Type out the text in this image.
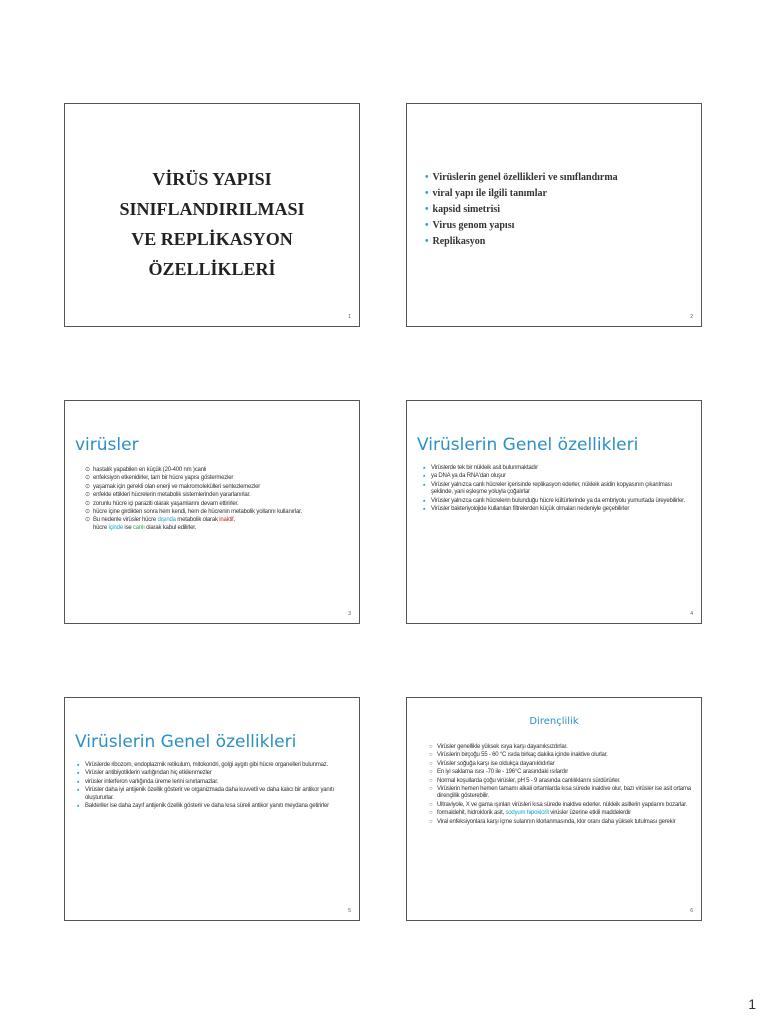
VİRÜS YAPISI
SINIFLANDIRILMASI
VE REPLİKASYON
ÖZELLİKLERİ
1
• Virüslerin genel özellikleri ve sınıflandırma
• viral yapı ile ilgili tanımlar
• kapsid simetrisi
• Virus genom yapısı
• Replikasyon
2
virüsler
⊙ hastalık yapabilen en küçük (20-400 nm )canlı
⊙ enfeksiyon etkenidirler, tam bir hücre yapısı göstermezler
⊙ yaşamak için gerekli olan enerji ve makromolekülleri sentezlemezler
⊙ enfekte ettikleri hücrelerin metabolik sistemlerinden yararlanırlar.
⊙ zorunlu hücre içi paraziti olarak yaşamlarını devam ettirirler.
⊙ hücre içine girdikten sonra hem kendi, hem de hücrenin metabolik yollarını kullanırlar.
⊙ Bu nedenle virüsler hücre dışında metabolik olarak inaktif,
hücre içinde ise canlı olarak kabul edilirler.
3
Virüslerin Genel özellikleri
▪ Virüslerde tek bir nükleik asit bulunmaktadır
▪ ya DNA ya da RNA'dan oluşur
▪ Virüsler yalnızca canlı hücreler içerisinde replikasyon ederler, nükleik asidin kopyasının çıkarılması şeklinde, yani eşleşme yoluyla çoğalırlar
▪ Virüsler yalnızca canlı hücrelerin bulunduğu hücre kültürlerinde ya da embriyolu yumurtada üreyebilirler.
▪ Virüsler bakteriyolojide kullanılan filtrelerden küçük olmaları nedeniyle geçebilirler
4
Virüslerin Genel özellikleri
▪ Virüslerde ribozom, endoplazmik retikulum, mitokondri, golgi aygıtı gibi hücre organelleri bulunmaz.
▪ Virüsler antibiyotiklerin varlığından hiç etkilenmezler
▪ virüsler interferon varlığında üreme lerini sınırlamazlar.
▪ Virüsler daha iyi antijenik özellik gösterir ve organizmada daha kuvvetli ve daha kalıcı bir antikor yanıtı oluştururlar.
▪ Bakteriler ise daha zayıf antijenik özellik gösterir ve daha kısa süreli antikor yanıtı meydana getirirler
5
Dirençlilik
○ Virüsler genellikle yüksek ısıya karşı dayanıksızdırlar.
○ Virüslerin birçoğu 55 - 60 °C ısıda birkaç dakika içinde inaktive olurlar.
○ Virüsler soğuğa karşı ise oldukça dayanıklıdırlar
○ En iyi saklama ısısı -70 ile - 196°C arasındaki ısılardır
○ Normal koşullarda çoğu virüsler, pH 5 - 9 arasında canlılıklarını sürdürürler.
○ Virüslerin hemen hemen tamamı alkali ortamlarda kısa sürede inaktive olur, bazı virüsler ise asit ortama dirençlilik gösterebilir.
○ Ultraviyole, X ve gama ışınları virüsleri kısa sürede inaktive ederler. nükleik asitlerin yapılarını bozarlar.
○ formaldehit, hidroklorik asit, sodyum hipoklorit virüsler üzerine etkili maddelerdir
○ Viral enfeksiyonlara karşı içme sularının klorlanmasında, klor oranı daha yüksek tutulması gerekir
6
1
